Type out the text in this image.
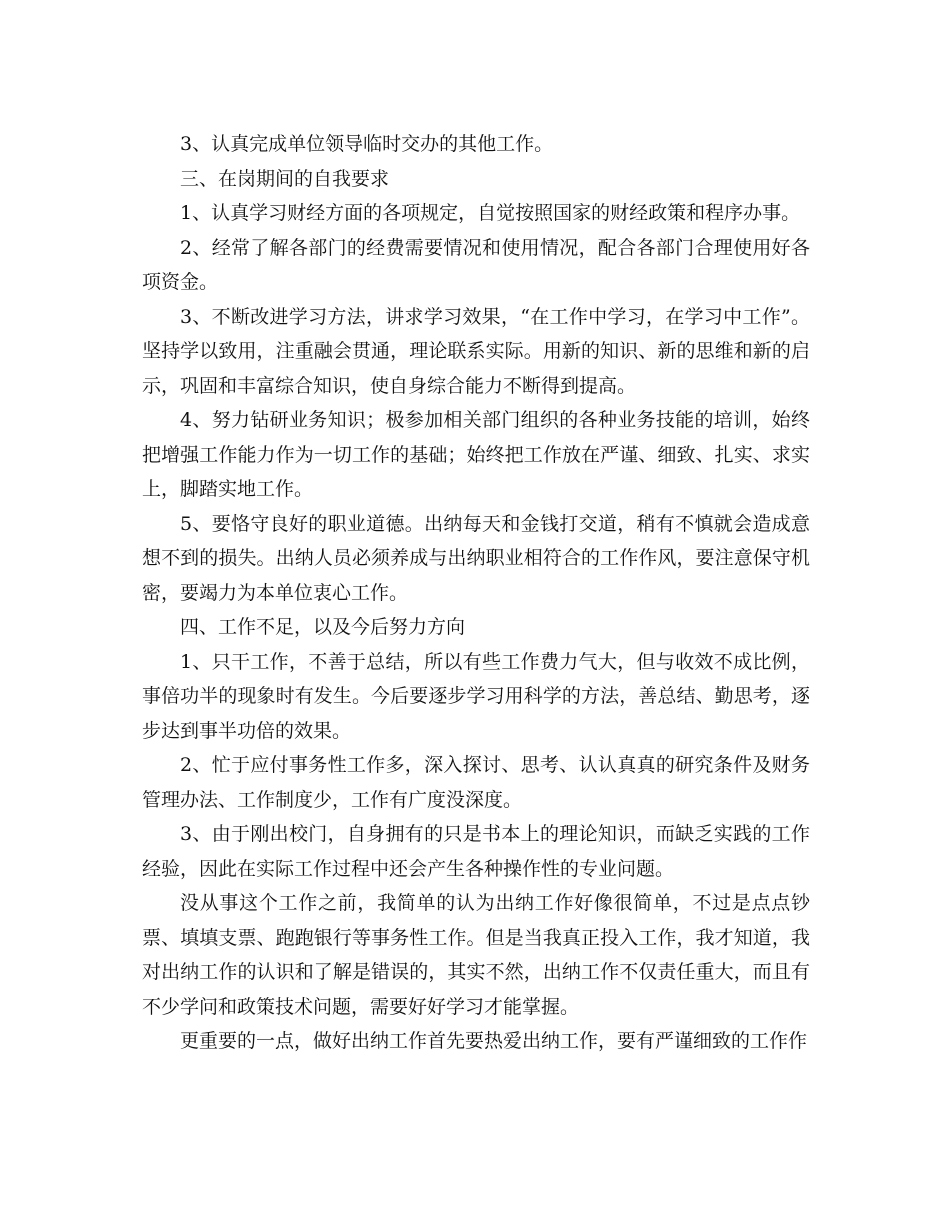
3、认真完成单位领导临时交办的其他工作。

三、在岗期间的自我要求

1、认真学习财经方面的各项规定，自觉按照国家的财经政策和程序办事。

2、经常了解各部门的经费需要情况和使用情况，配合各部门合理使用好各项资金。

3、不断改进学习方法，讲求学习效果，“在工作中学习，在学习中工作”。坚持学以致用，注重融会贯通，理论联系实际。用新的知识、新的思维和新的启示，巩固和丰富综合知识，使自身综合能力不断得到提高。

4、努力钻研业务知识；极参加相关部门组织的各种业务技能的培训，始终把增强工作能力作为一切工作的基础；始终把工作放在严谨、细致、扎实、求实上，脚踏实地工作。

5、要恪守良好的职业道德。出纳每天和金钱打交道，稍有不慎就会造成意想不到的损失。出纳人员必须养成与出纳职业相符合的工作作风，要注意保守机密，要竭力为本单位衷心工作。

四、工作不足，以及今后努力方向

1、只干工作，不善于总结，所以有些工作费力气大，但与收效不成比例，事倍功半的现象时有发生。今后要逐步学习用科学的方法，善总结、勤思考，逐步达到事半功倍的效果。

2、忙于应付事务性工作多，深入探讨、思考、认认真真的研究条件及财务管理办法、工作制度少，工作有广度没深度。

3、由于刚出校门，自身拥有的只是书本上的理论知识，而缺乏实践的工作经验，因此在实际工作过程中还会产生各种操作性的专业问题。

没从事这个工作之前，我简单的认为出纳工作好像很简单，不过是点点钞票、填填支票、跑跑银行等事务性工作。但是当我真正投入工作，我才知道，我对出纳工作的认识和了解是错误的，其实不然，出纳工作不仅责任重大，而且有不少学问和政策技术问题，需要好好学习才能掌握。

更重要的一点，做好出纳工作首先要热爱出纳工作，要有严谨细致的工作作
